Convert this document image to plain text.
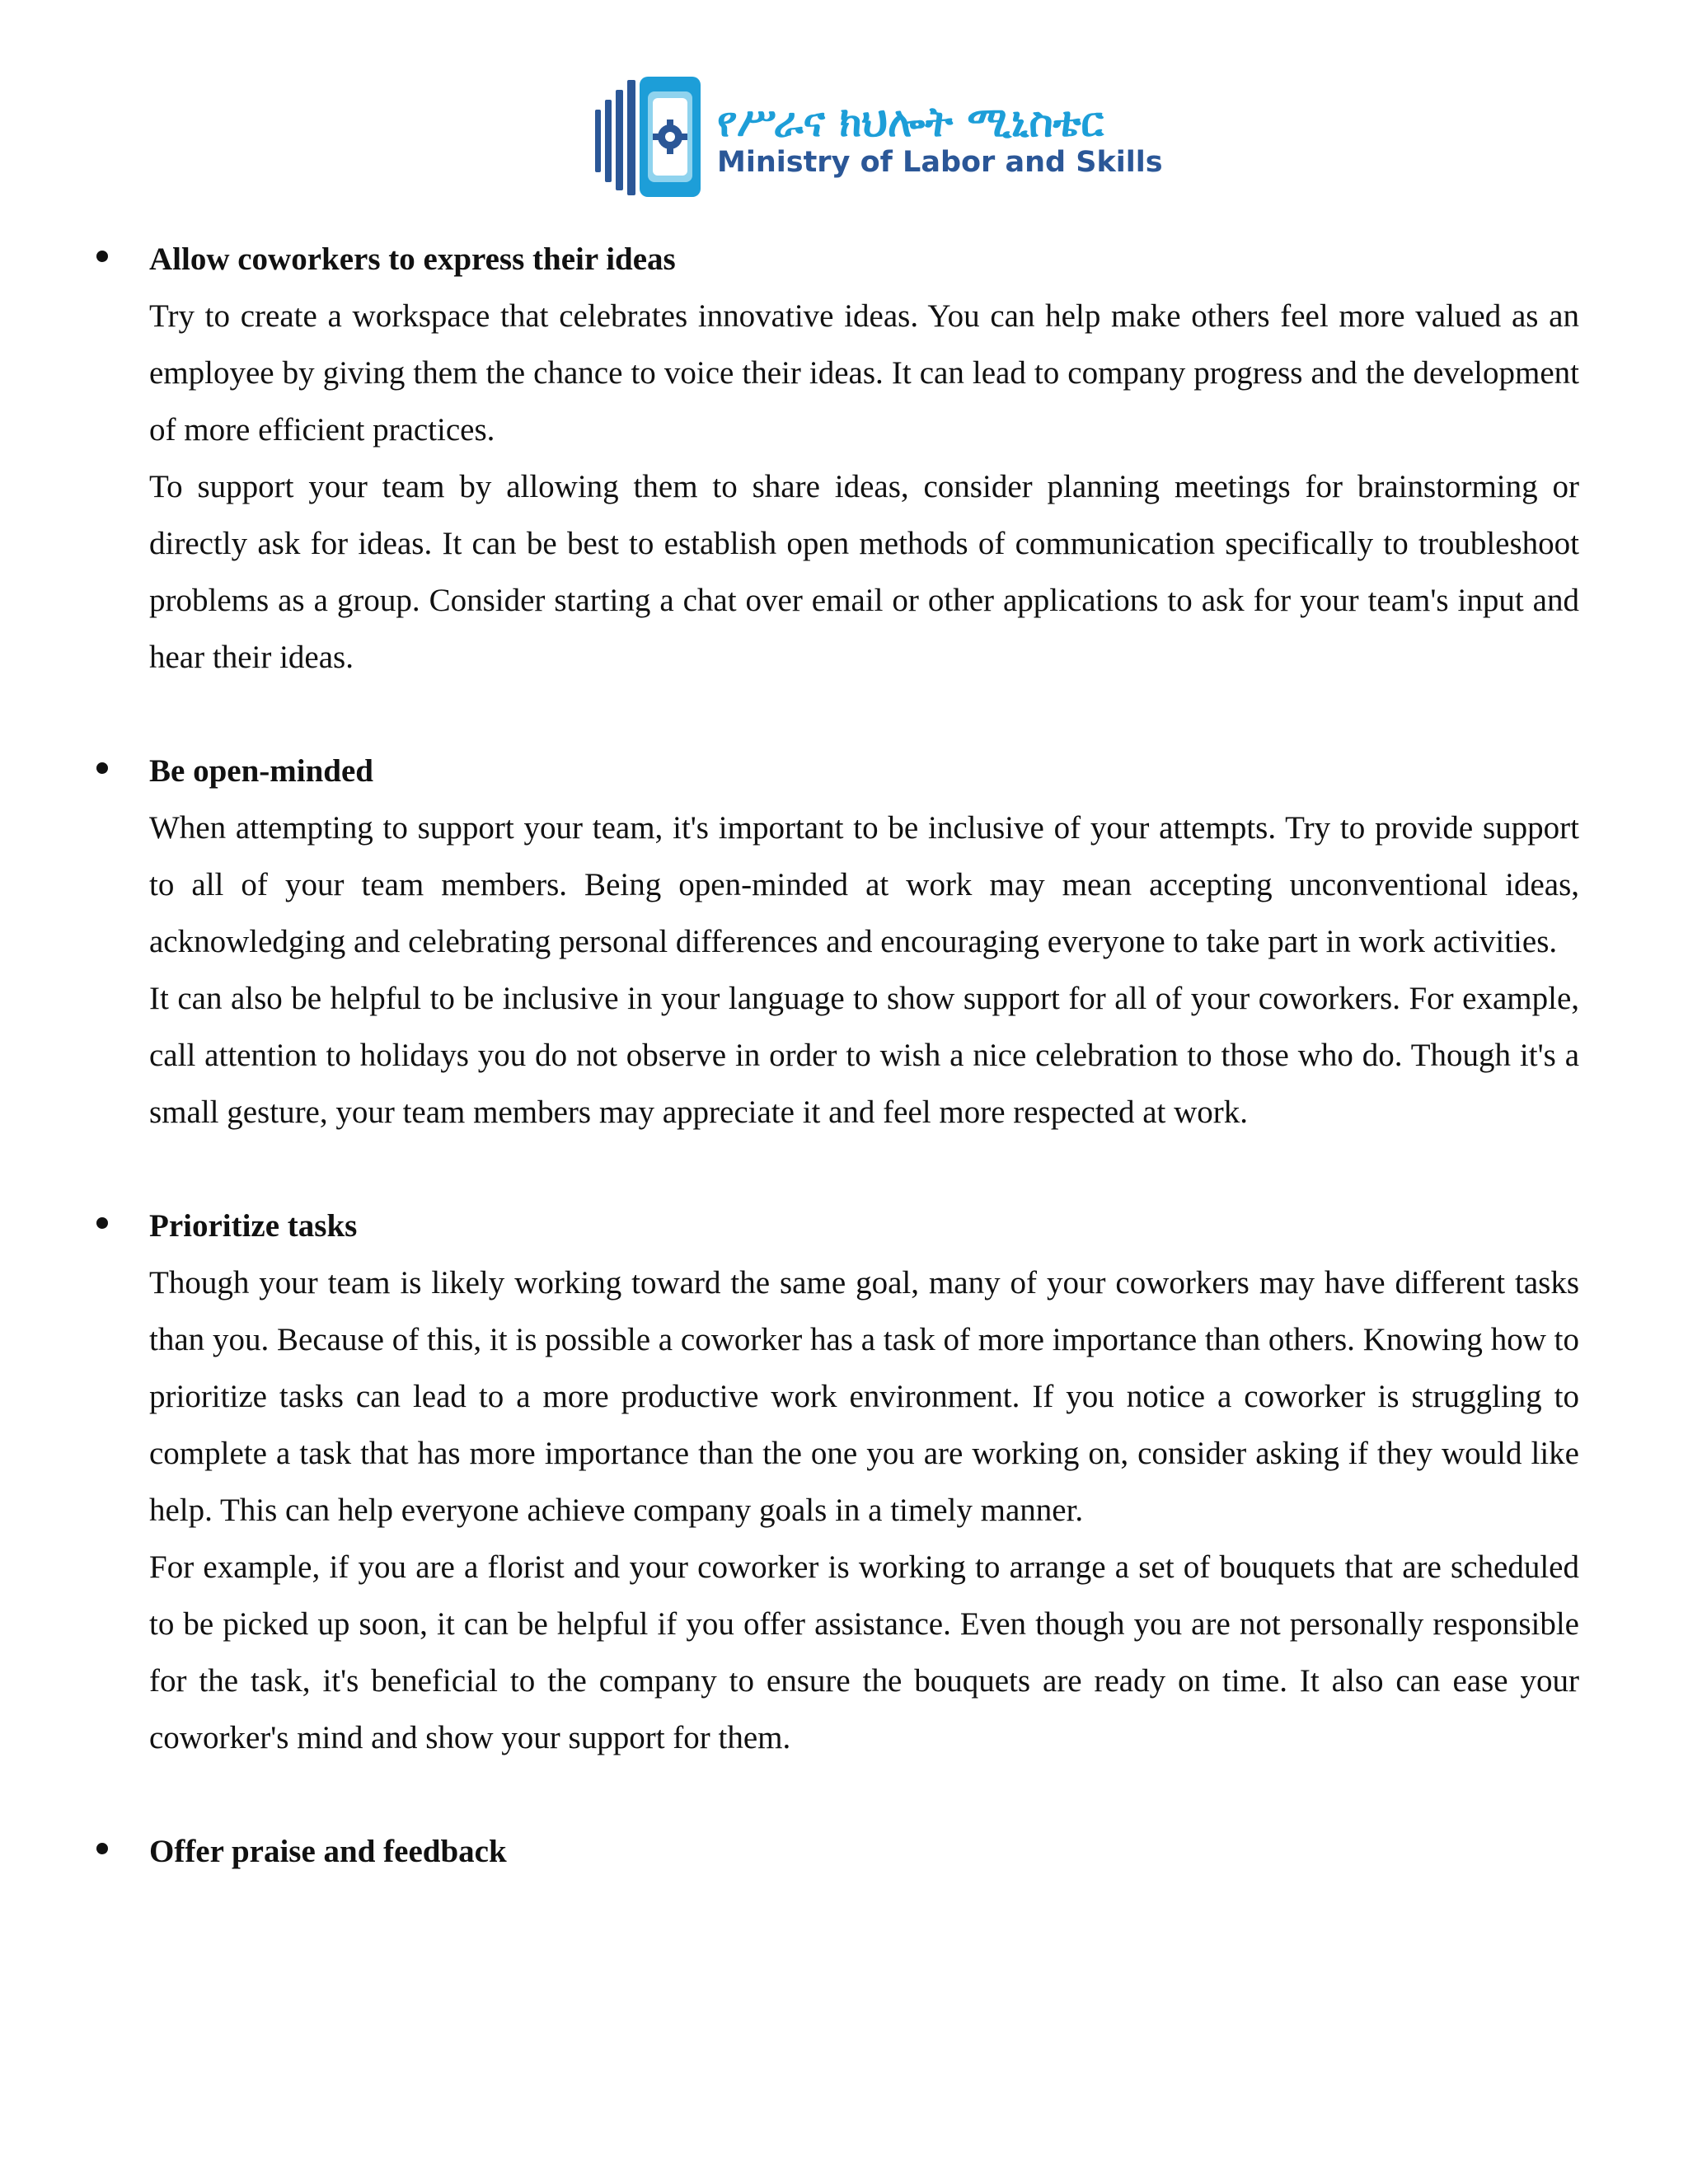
የሥራና ክህሎት ሚኒስቴር
Ministry of Labor and Skills
Allow coworkers to express their ideas

Try to create a workspace that celebrates innovative ideas. You can help make others feel more valued as an employee by giving them the chance to voice their ideas. It can lead to company progress and the development of more efficient practices.

To support your team by allowing them to share ideas, consider planning meetings for brainstorming or directly ask for ideas. It can be best to establish open methods of communication specifically to troubleshoot problems as a group. Consider starting a chat over email or other applications to ask for your team's input and hear their ideas.

Be open-minded

When attempting to support your team, it's important to be inclusive of your attempts. Try to provide support to all of your team members. Being open-minded at work may mean accepting unconventional ideas, acknowledging and celebrating personal differences and encouraging everyone to take part in work activities.

It can also be helpful to be inclusive in your language to show support for all of your coworkers. For example, call attention to holidays you do not observe in order to wish a nice celebration to those who do. Though it's a small gesture, your team members may appreciate it and feel more respected at work.

Prioritize tasks

Though your team is likely working toward the same goal, many of your coworkers may have different tasks than you. Because of this, it is possible a coworker has a task of more importance than others. Knowing how to prioritize tasks can lead to a more productive work environment. If you notice a coworker is struggling to complete a task that has more importance than the one you are working on, consider asking if they would like help. This can help everyone achieve company goals in a timely manner.

For example, if you are a florist and your coworker is working to arrange a set of bouquets that are scheduled to be picked up soon, it can be helpful if you offer assistance. Even though you are not personally responsible for the task, it's beneficial to the company to ensure the bouquets are ready on time. It also can ease your coworker's mind and show your support for them.

Offer praise and feedback
